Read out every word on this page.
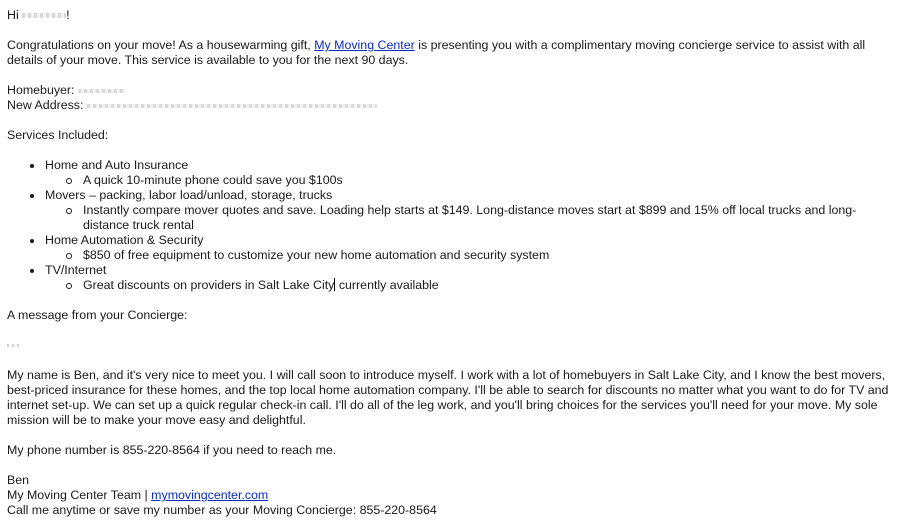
Hi	!

Congratulations on your move! As a housewarming gift, My Moving Center is presenting you with a complimentary moving concierge service to assist with all details of your move. This service is available to you for the next 90 days.

Homebuyer:

New Address:

Services Included:

Home and Auto Insurance
A quick 10-minute phone could save you $100s
Movers – packing, labor load/unload, storage, trucks
Instantly compare mover quotes and save. Loading help starts at $149. Long-distance moves start at $899 and 15% off local trucks and long-distance truck rental
Home Automation & Security
$850 of free equipment to customize your new home automation and security system
TV/Internet
Great discounts on providers in Salt Lake City currently available

A message from your Concierge:

My name is Ben, and it's very nice to meet you. I will call soon to introduce myself. I work with a lot of homebuyers in Salt Lake City, and I know the best movers, best-priced insurance for these homes, and the top local home automation company. I'll be able to search for discounts no matter what you want to do for TV and internet set-up. We can set up a quick regular check-in call. I'll do all of the leg work, and you'll bring choices for the services you'll need for your move. My sole mission will be to make your move easy and delightful.

My phone number is 855-220-8564 if you need to reach me.

Ben

My Moving Center Team | mymovingcenter.com

Call me anytime or save my number as your Moving Concierge: 855-220-8564
